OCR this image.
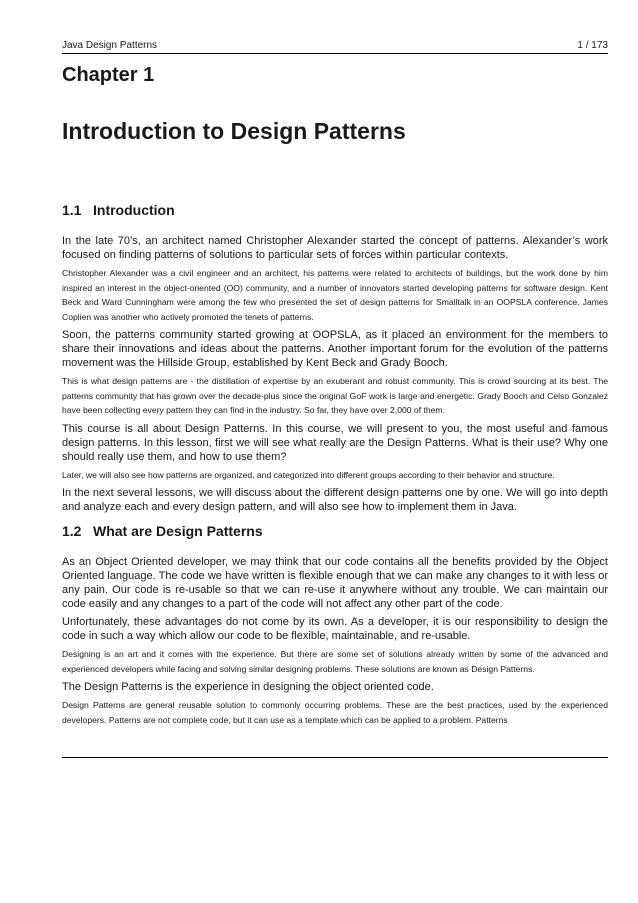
Java Design Patterns	1 / 173
Chapter 1
Introduction to Design Patterns
1.1 Introduction

In the late 70’s, an architect named Christopher Alexander started the concept of patterns. Alexander’s work focused on finding patterns of solutions to particular sets of forces within particular contexts.

Christopher Alexander was a civil engineer and an architect, his patterns were related to architects of buildings, but the work done by him inspired an interest in the object-oriented (OO) community, and a number of innovators started developing patterns for software design. Kent Beck and Ward Cunningham were among the few who presented the set of design patterns for Smalltalk in an OOPSLA conference. James Coplien was another who actively promoted the tenets of patterns.

Soon, the patterns community started growing at OOPSLA, as it placed an environment for the members to share their innovations and ideas about the patterns. Another important forum for the evolution of the patterns movement was the Hillside Group, established by Kent Beck and Grady Booch.

This is what design patterns are - the distillation of expertise by an exuberant and robust community. This is crowd sourcing at its best. The patterns community that has grown over the decade-plus since the original GoF work is large and energetic. Grady Booch and Celso Gonzalez have been collecting every pattern they can find in the industry. So far, they have over 2,000 of them.

This course is all about Design Patterns. In this course, we will present to you, the most useful and famous design patterns. In this lesson, first we will see what really are the Design Patterns. What is their use? Why one should really use them, and how to use them?

Later, we will also see how patterns are organized, and categorized into different groups according to their behavior and structure.

In the next several lessons, we will discuss about the different design patterns one by one. We will go into depth and analyze each and every design pattern, and will also see how to implement them in Java.

1.2 What are Design Patterns

As an Object Oriented developer, we may think that our code contains all the benefits provided by the Object Oriented language. The code we have written is flexible enough that we can make any changes to it with less or any pain. Our code is re-usable so that we can re-use it anywhere without any trouble. We can maintain our code easily and any changes to a part of the code will not affect any other part of the code.

Unfortunately, these advantages do not come by its own. As a developer, it is our responsibility to design the code in such a way which allow our code to be flexible, maintainable, and re-usable.

Designing is an art and it comes with the experience. But there are some set of solutions already written by some of the advanced and experienced developers while facing and solving similar designing problems. These solutions are known as Design Patterns.

The Design Patterns is the experience in designing the object oriented code.

Design Patterns are general reusable solution to commonly occurring problems. These are the best practices, used by the experienced developers. Patterns are not complete code, but it can use as a template which can be applied to a problem. Patterns
